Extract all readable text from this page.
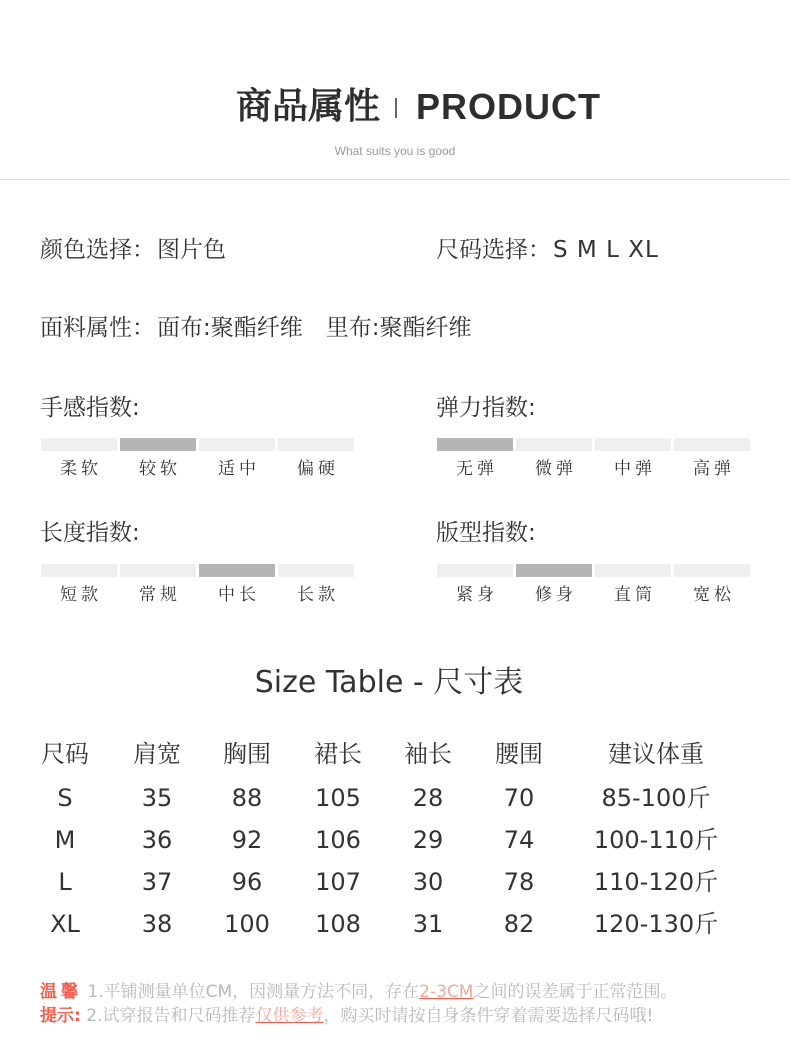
商品属性 PRODUCT
What suits you is good
颜色选择：图片色	尺码选择：S M L XL
面料属性：面布:聚酯纤维　里布:聚酯纤维
手感指数:
柔软	较软	适中	偏硬
弹力指数:
无弹	微弹	中弹	高弹
长度指数:
短款	常规	中长	长款
版型指数:
紧身	修身	直筒	宽松
Size Table - 尺寸表
尺码	肩宽	胸围	裙长	袖长	腰围	建议体重
S	35	88	105	28	70	85-100斤
M	36	92	106	29	74	100-110斤
L	37	96	107	30	78	110-120斤
XL	38	100	108	31	82	120-130斤
温馨 1.平铺测量单位CM，因测量方法不同，存在2-3CM之间的误差属于正常范围。
提示: 2.试穿报告和尺码推荐仅供参考，购买时请按自身条件穿着需要选择尺码哦!
